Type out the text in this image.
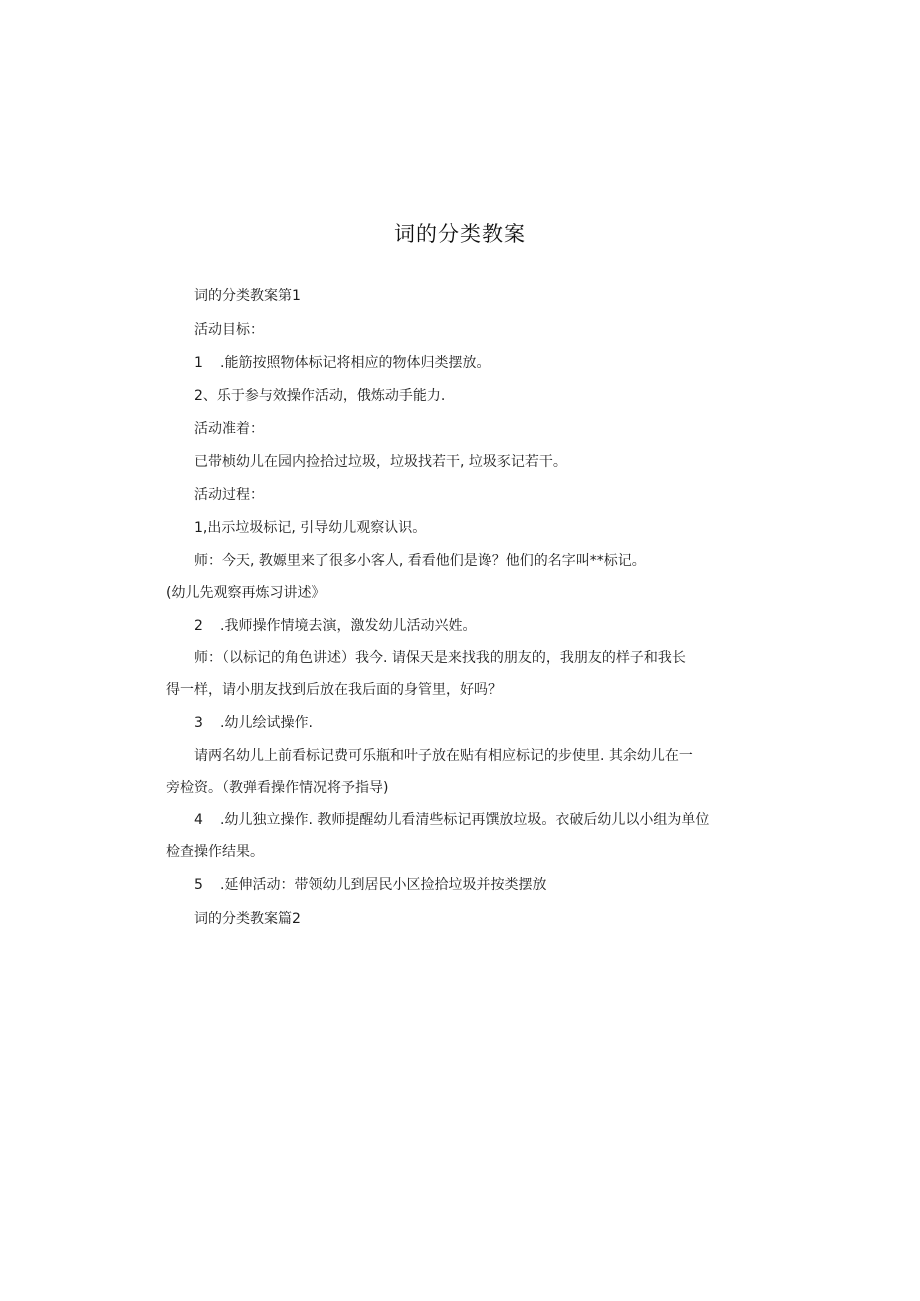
词的分类教案
词的分类教案第1
活动目标：
1 .能筋按照物体标记将相应的物体归类摆放。
2、乐于参与效操作活动，俄炼动手能力.
活动准着：
已带桢幼儿在园内捡拾过垃圾，垃圾找若干, 垃圾豕记若干。
活动过程：
1,出示垃圾标记, 引导幼儿观察认识。
师：今天, 教嫄里来了很多小客人, 看看他们是谗？他们的名字叫**标记。
(幼儿先观察再炼习讲述》
2 .我师操作情境去演，激发幼儿活动兴姓。
师：（以标记的角色讲述）我今. 请保天是来找我的朋友的，我朋友的样子和我长
得一样，请小朋友找到后放在我后面的身管里，好吗？
3 .幼儿绘试操作.
请两名幼儿上前看标记费可乐瓶和叶子放在贴有相应标记的步使里. 其余幼儿在一
旁检资。（教弹看操作情况将予指导)
4 .幼儿独立操作. 教师提醒幼儿看清些标记再馔放垃圾。衣破后幼儿以小组为单位
检查操作结果。
5 .延伸活动：带领幼儿到居民小区捡拾垃圾并按类摆放
词的分类教案篇2
